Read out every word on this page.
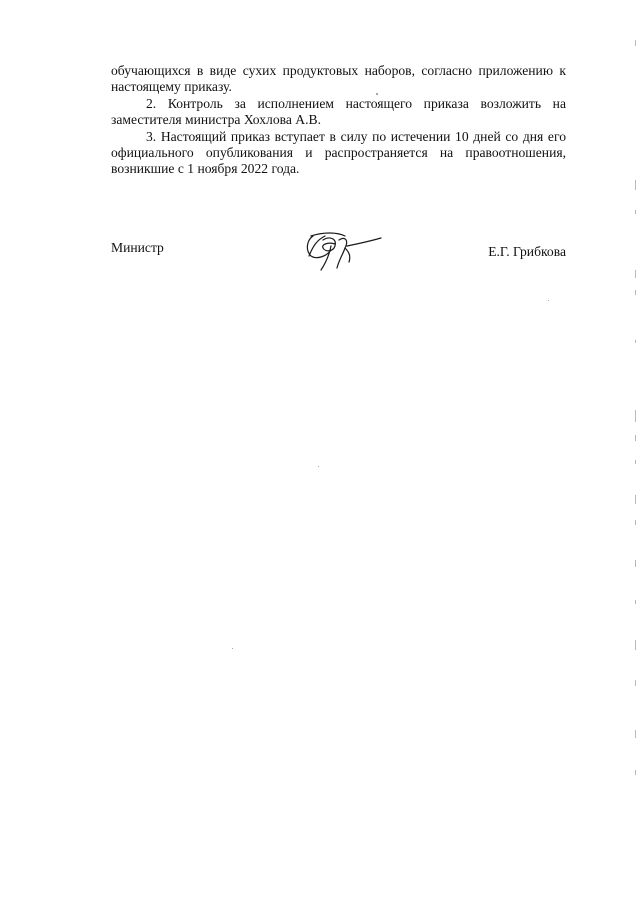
обучающихся в виде сухих продуктовых наборов, согласно приложению к настоящему приказу.

2. Контроль за исполнением настоящего приказа возложить на заместителя министра Хохлова А.В.

3. Настоящий приказ вступает в силу по истечении 10 дней со дня его официального опубликования и распространяется на правоотношения, возникшие с 1 ноября 2022 года.

Министр	Е.Г. Грибкова
